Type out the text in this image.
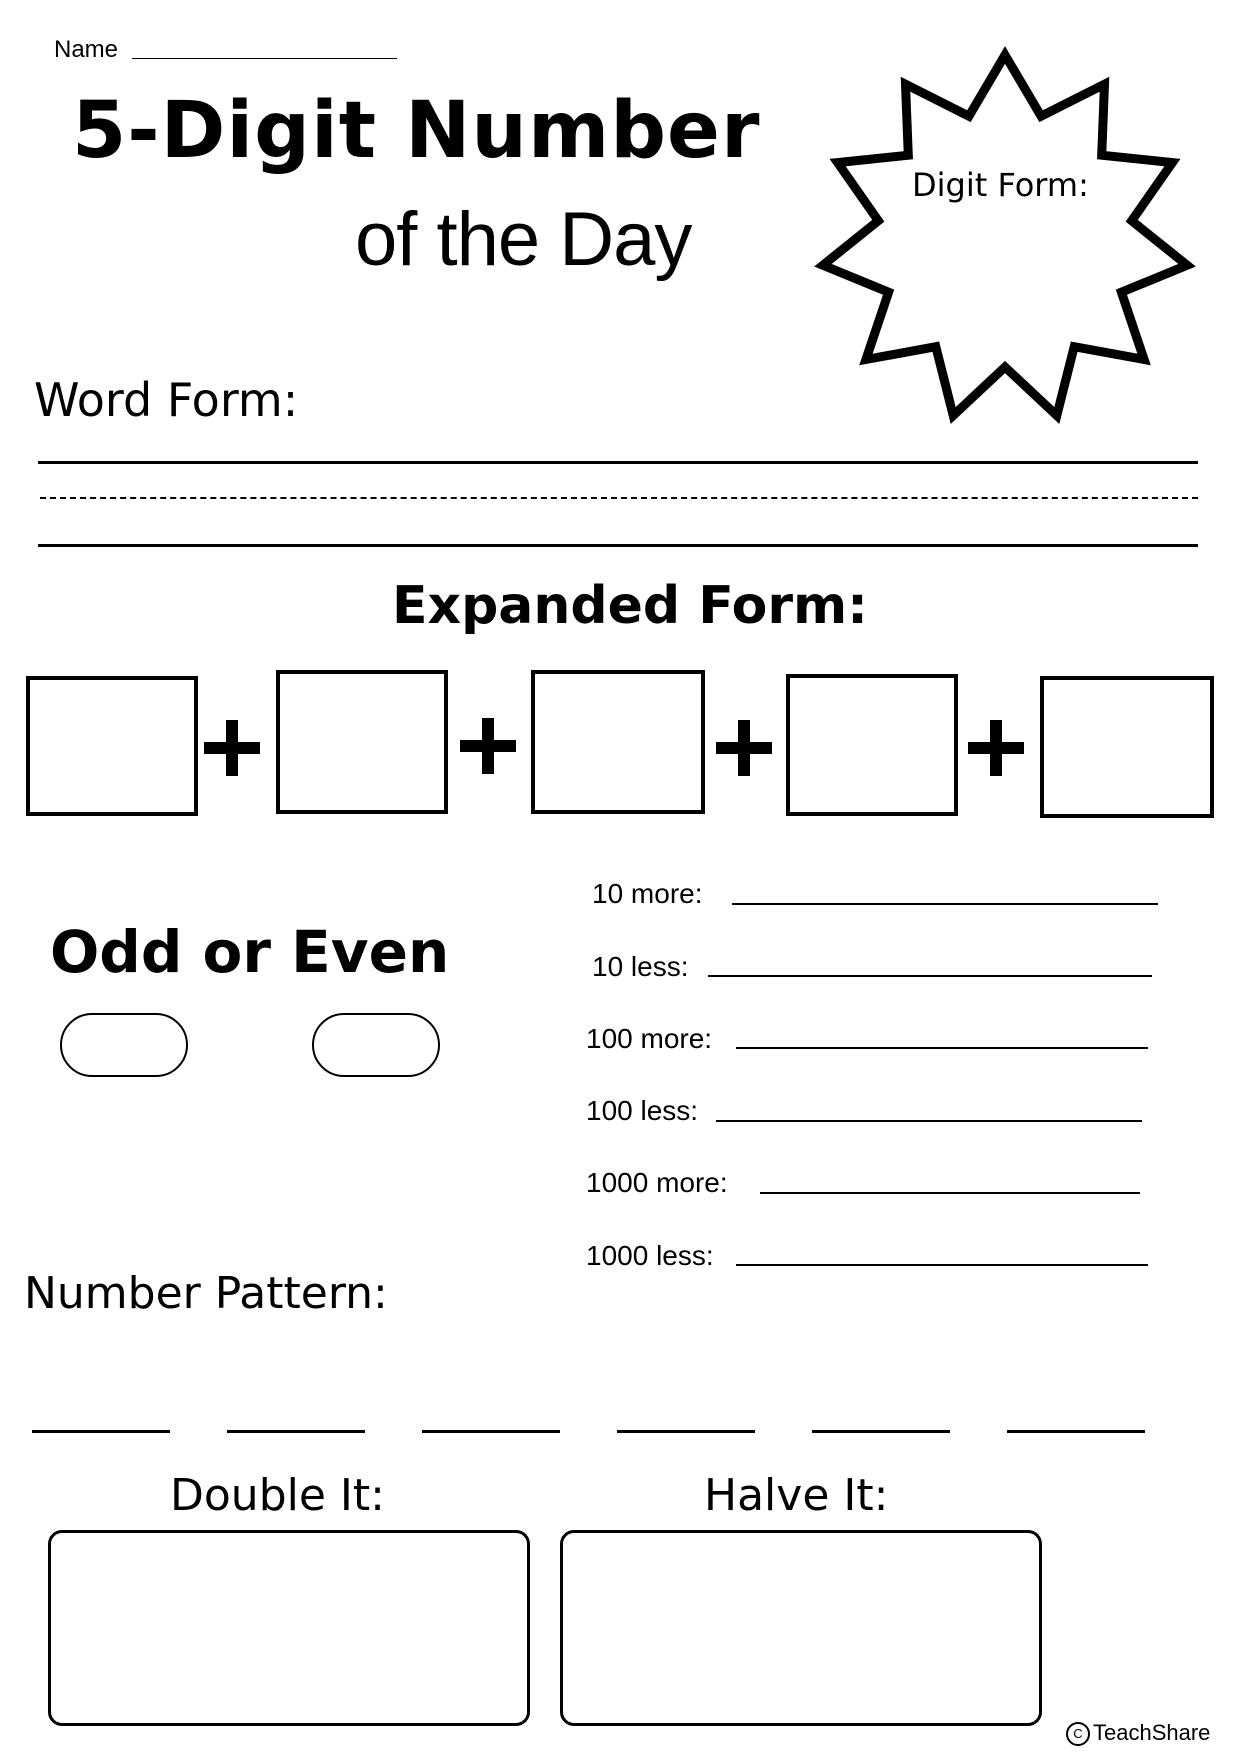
Name
5-Digit Number
of the Day
Digit Form:
Word Form:
Expanded Form:
Odd or Even
10 more:
10 less:
100 more:
100 less:
1000 more:
1000 less:
Number Pattern:
Double It:	Halve It:
C TeachShare
